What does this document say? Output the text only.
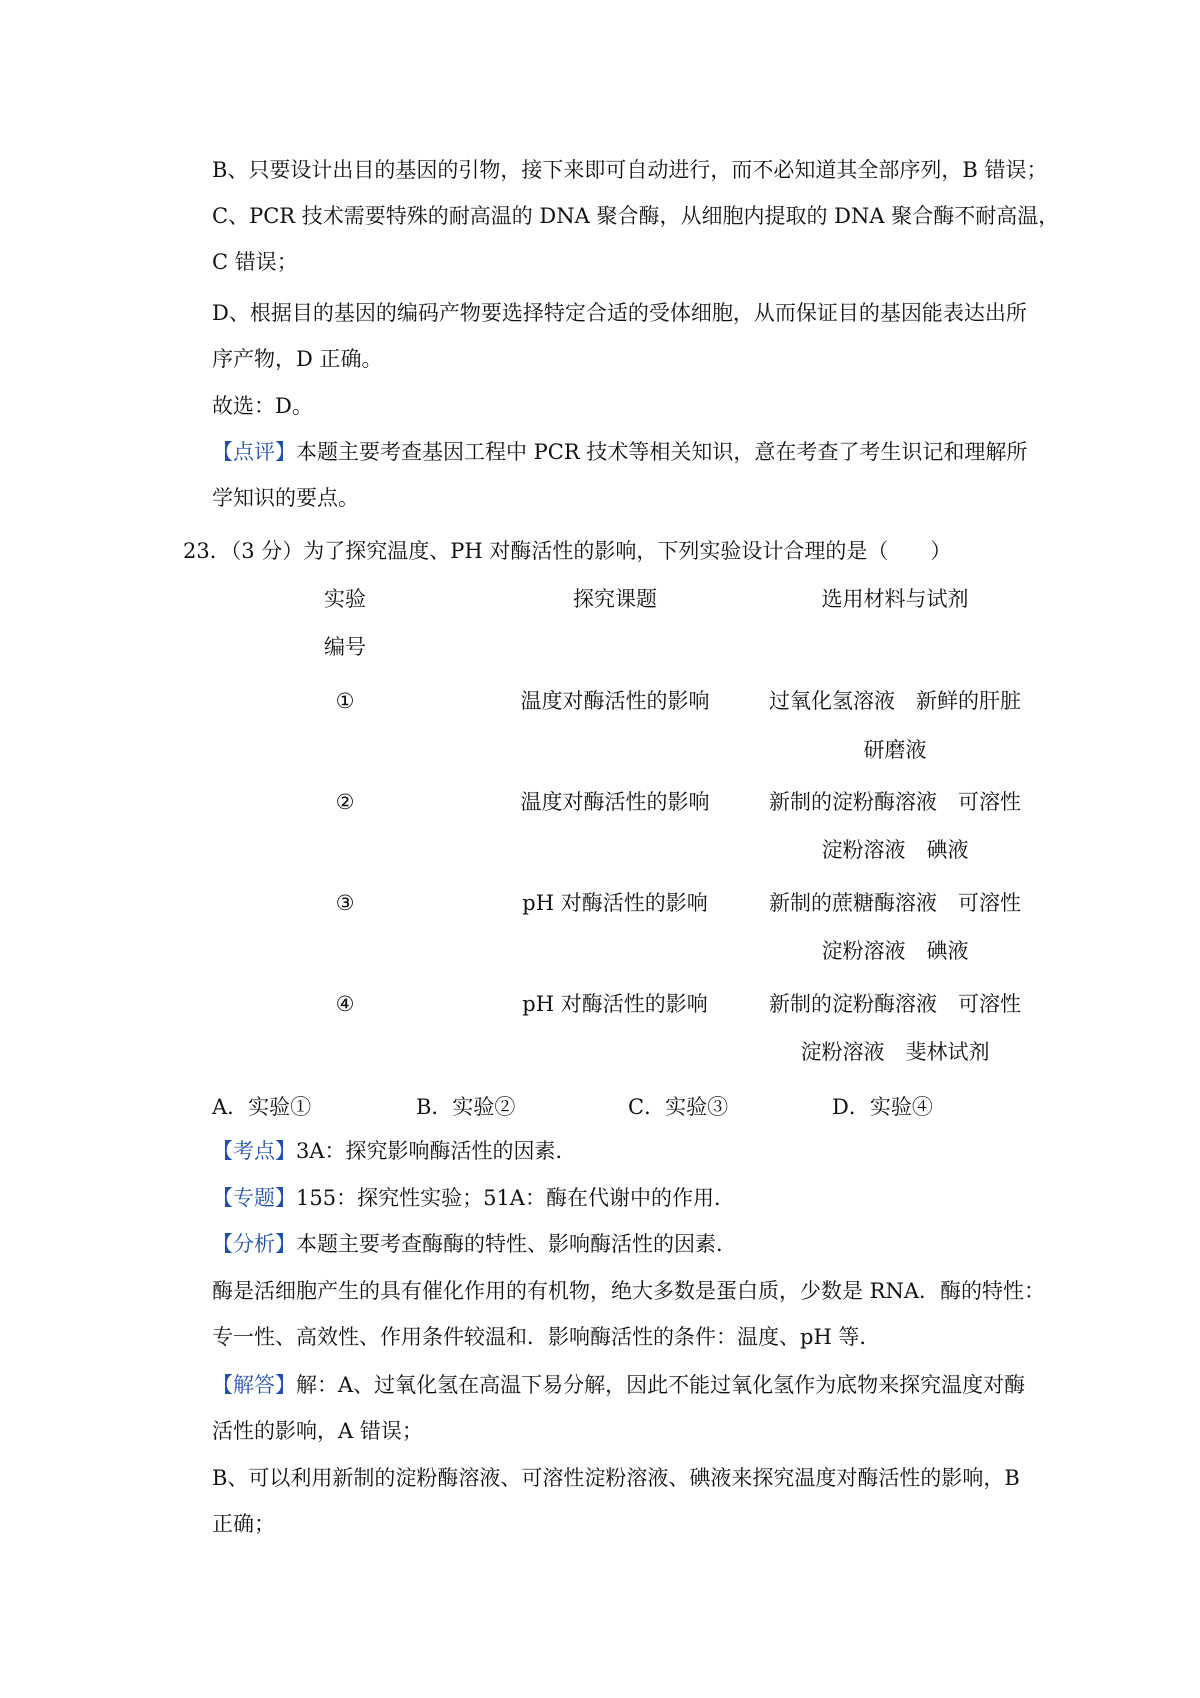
B、只要设计出目的基因的引物，接下来即可自动进行，而不必知道其全部序列，B 错误；
C、PCR 技术需要特殊的耐高温的 DNA 聚合酶，从细胞内提取的 DNA 聚合酶不耐高温，
C 错误；
D、根据目的基因的编码产物要选择特定合适的受体细胞，从而保证目的基因能表达出所
序产物，D 正确。
故选：D。
【点评】本题主要考查基因工程中 PCR 技术等相关知识，意在考查了考生识记和理解所
学知识的要点。
23．（3 分）为了探究温度、PH 对酶活性的影响，下列实验设计合理的是（　　）
实验
编号
探究课题	选用材料与试剂
①	温度对酶活性的影响	过氧化氢溶液　新鲜的肝脏
研磨液
②	温度对酶活性的影响	新制的淀粉酶溶液　可溶性
淀粉溶液　碘液
③	pH 对酶活性的影响	新制的蔗糖酶溶液　可溶性
淀粉溶液　碘液
④	pH 对酶活性的影响	新制的淀粉酶溶液　可溶性
淀粉溶液　斐林试剂
A．实验①	B．实验②	C．实验③	D．实验④
【考点】3A：探究影响酶活性的因素．
【专题】155：探究性实验；51A：酶在代谢中的作用．
【分析】本题主要考查酶酶的特性、影响酶活性的因素．
酶是活细胞产生的具有催化作用的有机物，绝大多数是蛋白质，少数是 RNA．酶的特性：
专一性、高效性、作用条件较温和．影响酶活性的条件：温度、pH 等．
【解答】解：A、过氧化氢在高温下易分解，因此不能过氧化氢作为底物来探究温度对酶
活性的影响，A 错误；
B、可以利用新制的淀粉酶溶液、可溶性淀粉溶液、碘液来探究温度对酶活性的影响，B
正确；
